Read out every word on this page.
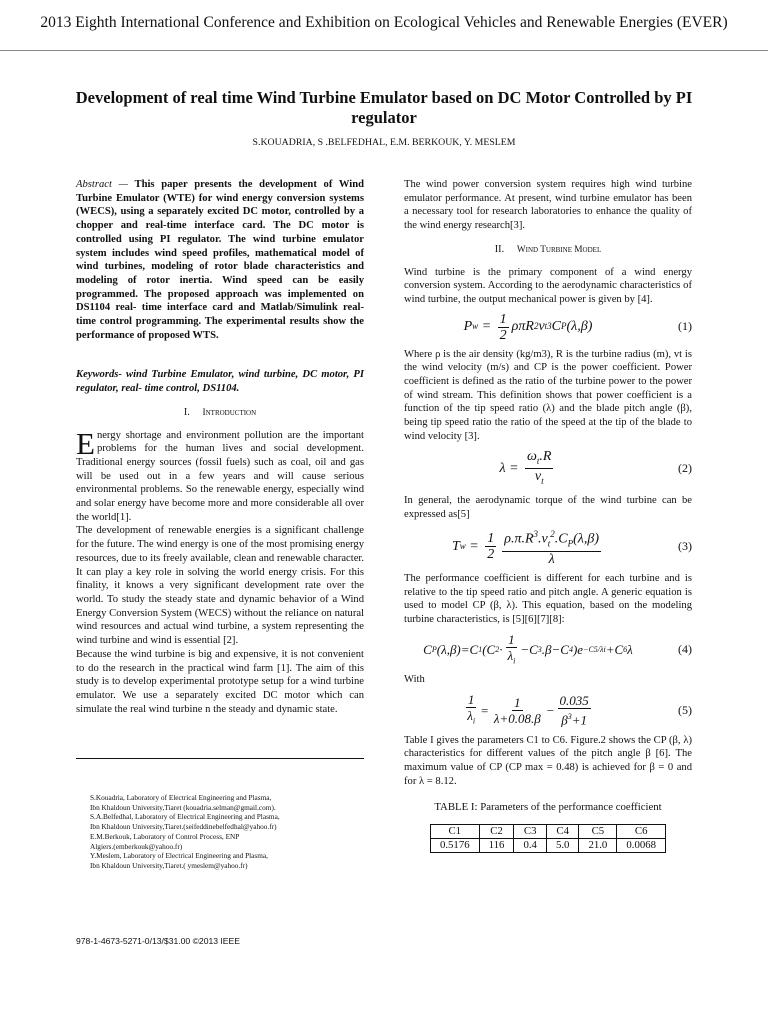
2013 Eighth International Conference and Exhibition on Ecological Vehicles and Renewable Energies (EVER)
Development of real time Wind Turbine Emulator based on DC Motor Controlled by PI regulator
S.KOUADRIA, S .BELFEDHAL, E.M. BERKOUK, Y. MESLEM

Abstract — This paper presents the development of Wind Turbine Emulator (WTE) for wind energy conversion systems (WECS), using a separately excited DC motor, controlled by a chopper and real-time interface card. The DC motor is controlled using PI regulator. The wind turbine emulator system includes wind speed profiles, mathematical model of wind turbines, modeling of rotor blade characteristics and modeling of rotor inertia. Wind speed can be easily programmed. The proposed approach was implemented on DS1104 real- time interface card and Matlab/Simulink real-time control programming. The experimental results show the performance of proposed WTS.

Keywords- wind Turbine Emulator, wind turbine, DC motor, PI regulator, real- time control, DS1104.

I. Introduction

Energy shortage and environment pollution are the important problems for the human lives and social development. Traditional energy sources (fossil fuels) such as coal, oil and gas will be used out in a few years and will cause serious environmental problems. So the renewable energy, especially wind and solar energy have become more and more considerable all over the world[1].

The development of renewable energies is a significant challenge for the future. The wind energy is one of the most promising energy resources, due to its freely available, clean and renewable character. It can play a key role in solving the world energy crisis. For this finality, it knows a very significant development rate over the world. To study the steady state and dynamic behavior of a Wind Energy Conversion System (WECS) without the reliance on natural wind resources and actual wind turbine, a system representing the wind turbine and wind is essential [2].

Because the wind turbine is big and expensive, it is not convenient to do the research in the practical wind farm [1]. The aim of this study is to develop experimental prototype setup for a wind turbine emulator. We use a separately excited DC motor which can simulate the real wind turbine n the steady and dynamic state.

S.Kouadria, Laboratory of Electrical Engineering and Plasma,

Ibn Khaldoun University,Tiaret (kouadria.selman@gmail.com).

S.A.Belfedhal, Laboratory of Electrical Engineering and Plasma,

Ibn Khaldoun University,Tiaret.(seifeddinebelfedhal@yahoo.fr)

E.M.Berkouk, Laboratory of Control Process, ENP

Algiers.(emberkouk@yahoo.fr)

Y.Meslem, Laboratory of Electrical Engineering and Plasma,

Ibn Khaldoun University,Tiaret.( ymeslem@yahoo.fr)

978-1-4673-5271-0/13/$31.00 ©2013 IEEE

The wind power conversion system requires high wind turbine emulator performance. At present, wind turbine emulator has been a necessary tool for research laboratories to enhance the quality of the wind energy research[3].

II. Wind Turbine Model

Wind turbine is the primary component of a wind energy conversion system. According to the aerodynamic characteristics of wind turbine, the output mechanical power is given by [4].

P $w = \frac{1}{2}$ ρπR 2 v t 3 C P (λ,β)	(1)

Where ρ is the air density (kg/m3), R is the turbine radius (m), vt is the wind velocity (m/s) and CP is the power coefficient. Power coefficient is defined as the ratio of the turbine power to the power of wind stream. This definition shows that power coefficient is a function of the tip speed ratio (λ) and the blade pitch angle (β), being tip speed ratio the ratio of the speed at the tip of the blade to wind velocity [3].

$\lambda = \frac{\omega_t.R}{v_t}$	(2)

In general, the aerodynamic torque of the wind turbine can be expressed as[5]

T $w = \frac{1}{2} \frac{\rho.\pi.R^3.v_t^2.C_P(\lambda,\beta)}{\lambda}$	(3)

The performance coefficient is different for each turbine and is relative to the tip speed ratio and pitch angle. A generic equation is used to model CP (β, λ). This equation, based on the modeling turbine characteristics, is [5][6][7][8]:

C P (λ,β)=C 1 (C $2 \cdot \frac{1}{\lambda_i} -C$ 3 .β−C 4 )e −C5/λi +C 6 λ	(4)

With

$\frac{1}{\lambda_i} = \frac{1}{\lambda+0.08.\beta} - \frac{0.035}{\beta^3+1}$	(5)

Table I gives the parameters C1 to C6. Figure.2 shows the CP (β, λ) characteristics for different values of the pitch angle β [6]. The maximum value of CP (CP max = 0.48) is achieved for β = 0 and for λ = 8.12.

TABLE I: Parameters of the performance coefficient
C1	C2	C3	C4	C5	C6
0.5176	116	0.4	5.0	21.0	0.0068
